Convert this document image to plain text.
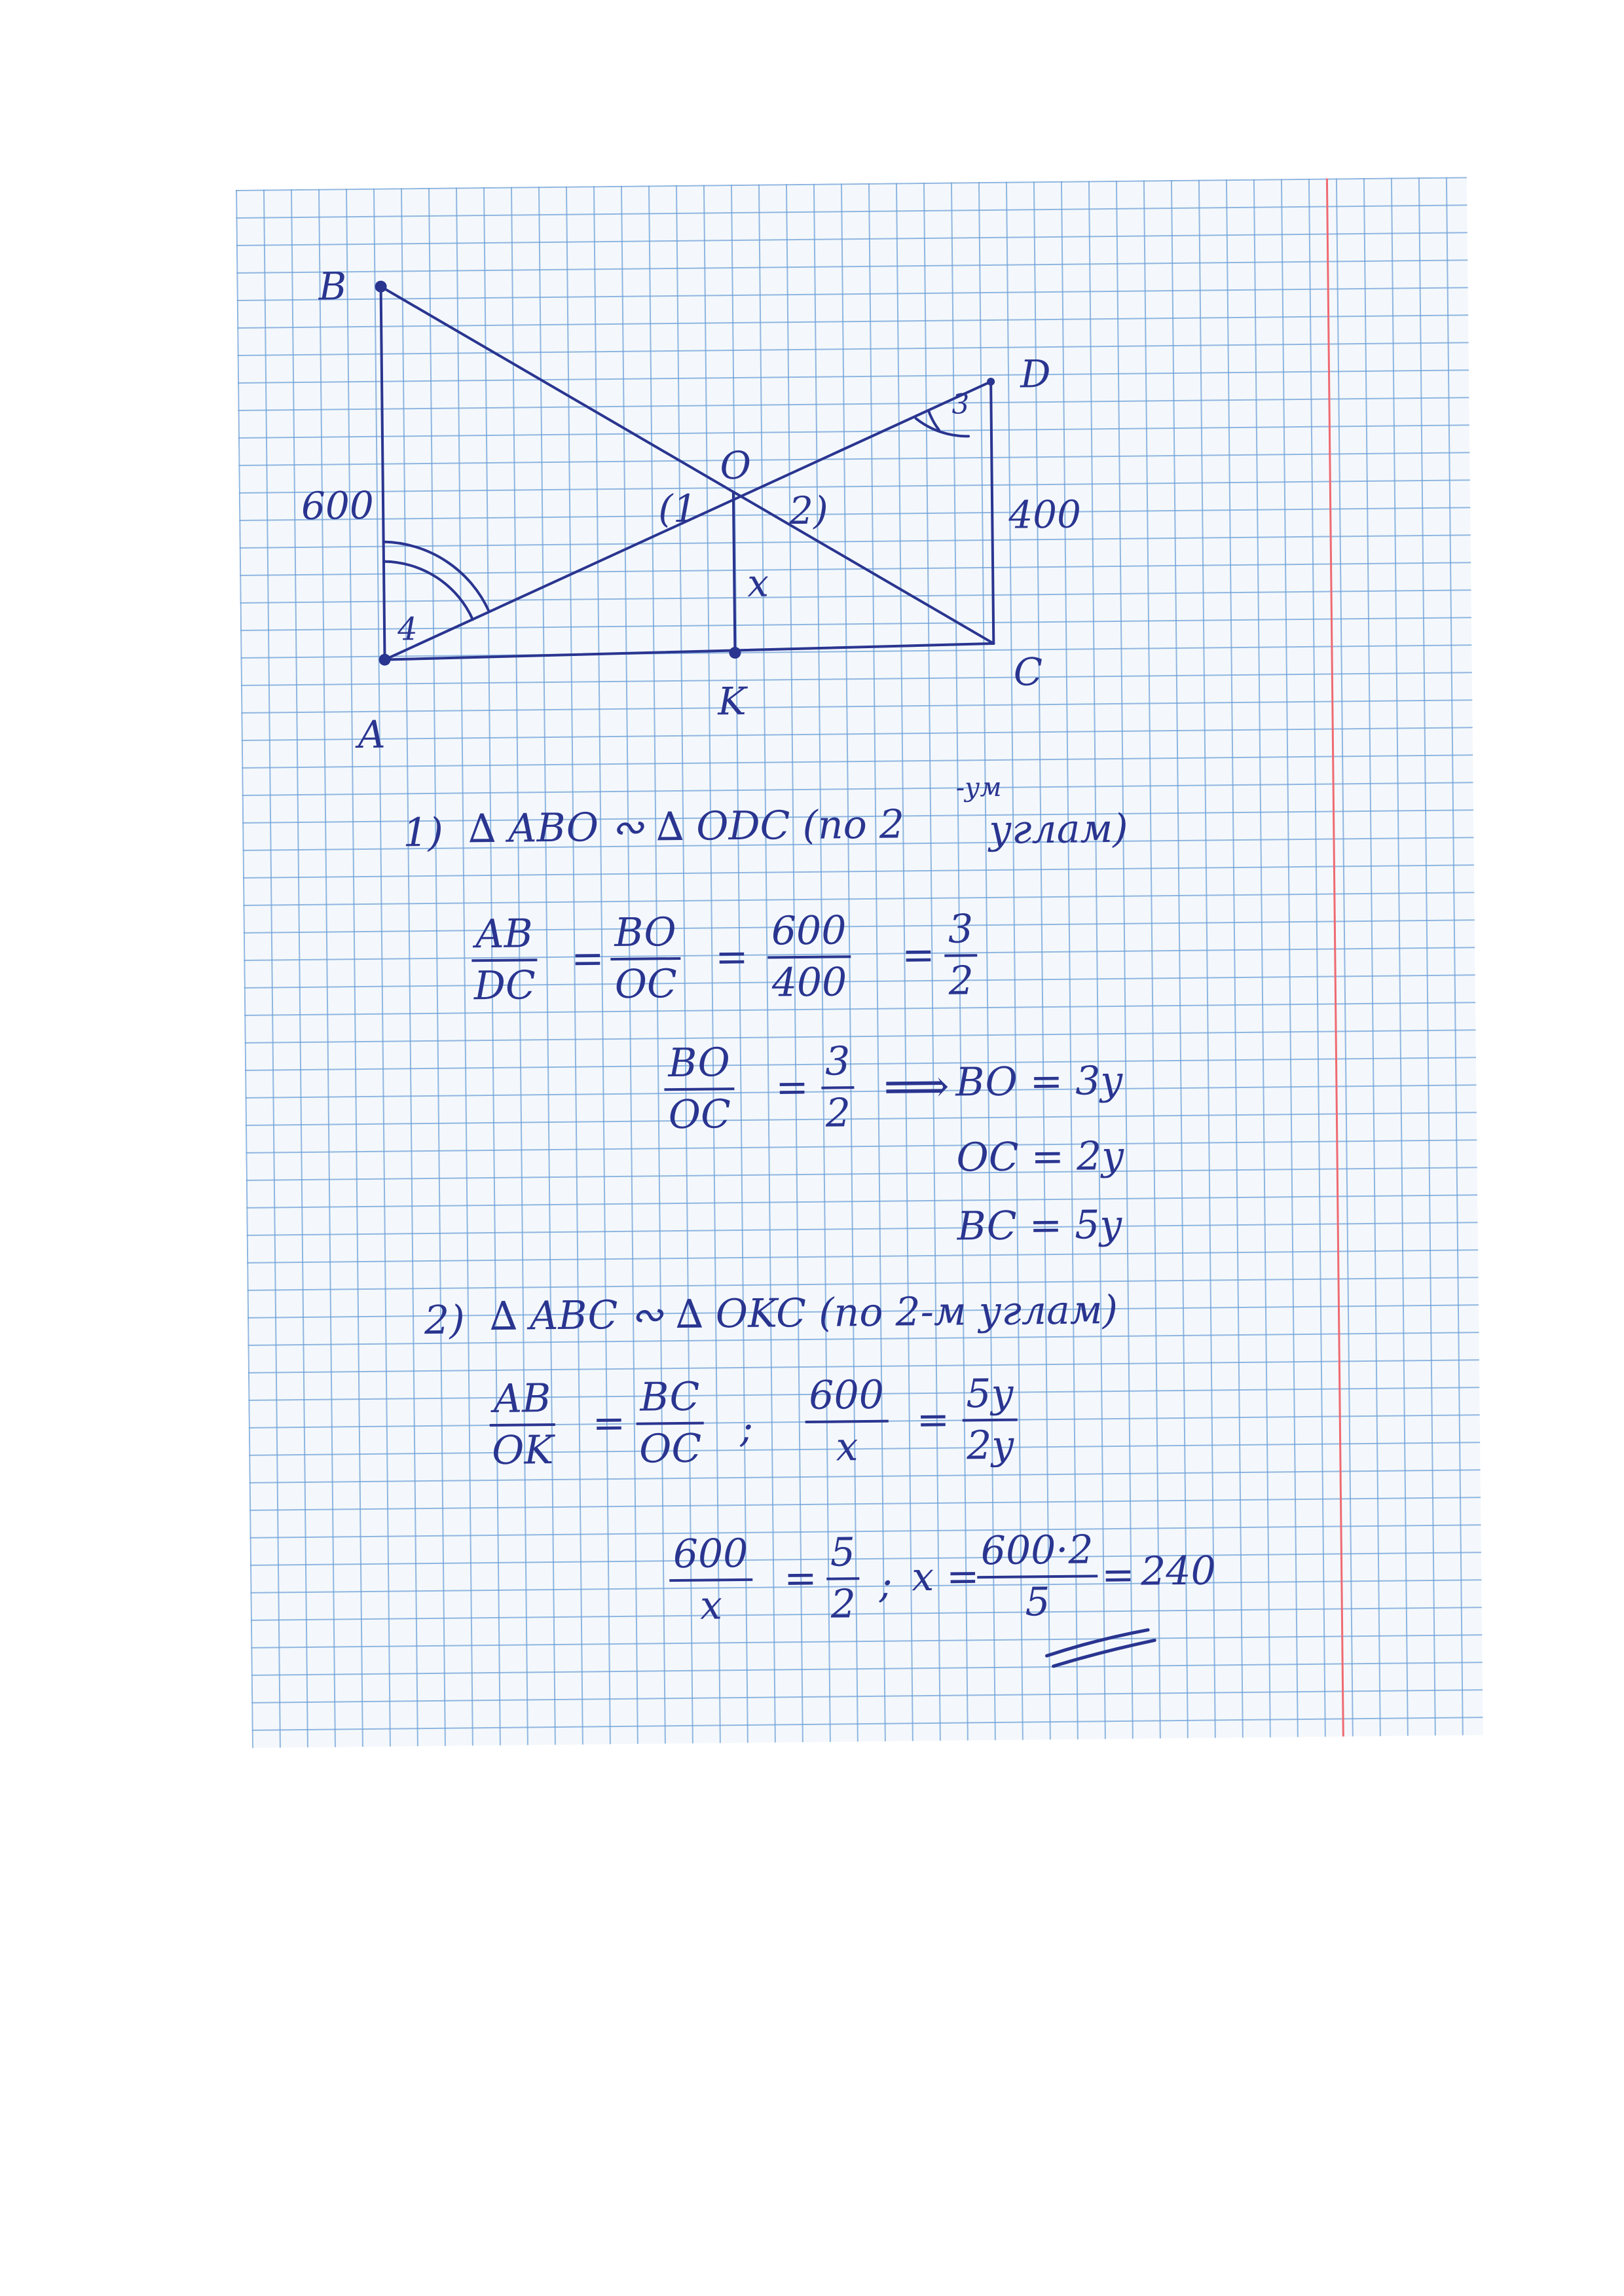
B
D
O
A
K
C
600	400
x
(1 2)
3
4
1) ∆ ABO ∾ ∆ ODC (по 2
-ум
углам)
$\frac{AB}{DC} = \frac{BO}{OC} = \frac{600}{400} = \frac{3}{2}$
$\frac{BO}{OC} = \frac{3}{2}$ ⟹ BO = 3y
OC = 2y
BC = 5y
2) ∆ ABC ∾ ∆ OKC (по 2-м углам)
$\frac{AB}{OK} = \frac{BC}{OC}$ ; $\frac{600}{x} = \frac{5y}{2y}$
$\frac{600}{x} = \frac{5}{2}$ ; x =
$\frac{600\cdot 2}{5} = 240$
